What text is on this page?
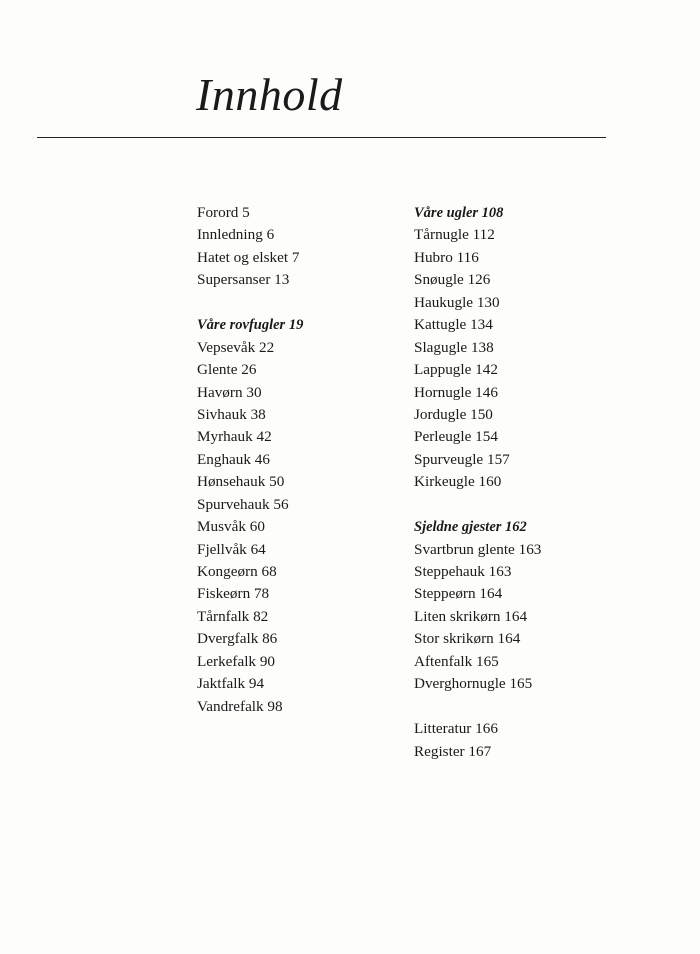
Innhold
Forord 5
Innledning 6
Hatet og elsket 7
Supersanser 13
Våre rovfugler 19
Vepsevåk 22
Glente 26
Havørn 30
Sivhauk 38
Myrhauk 42
Enghauk 46
Hønsehauk 50
Spurvehauk 56
Musvåk 60
Fjellvåk 64
Kongeørn 68
Fiskeørn 78
Tårnfalk 82
Dvergfalk 86
Lerkefalk 90
Jaktfalk 94
Vandrefalk 98
Våre ugler 108
Tårnugle 112
Hubro 116
Snøugle 126
Haukugle 130
Kattugle 134
Slagugle 138
Lappugle 142
Hornugle 146
Jordugle 150
Perleugle 154
Spurveugle 157
Kirkeugle 160
Sjeldne gjester 162
Svartbrun glente 163
Steppehauk 163
Steppeørn 164
Liten skrikørn 164
Stor skrikørn 164
Aftenfalk 165
Dverghornugle 165
Litteratur 166
Register 167
